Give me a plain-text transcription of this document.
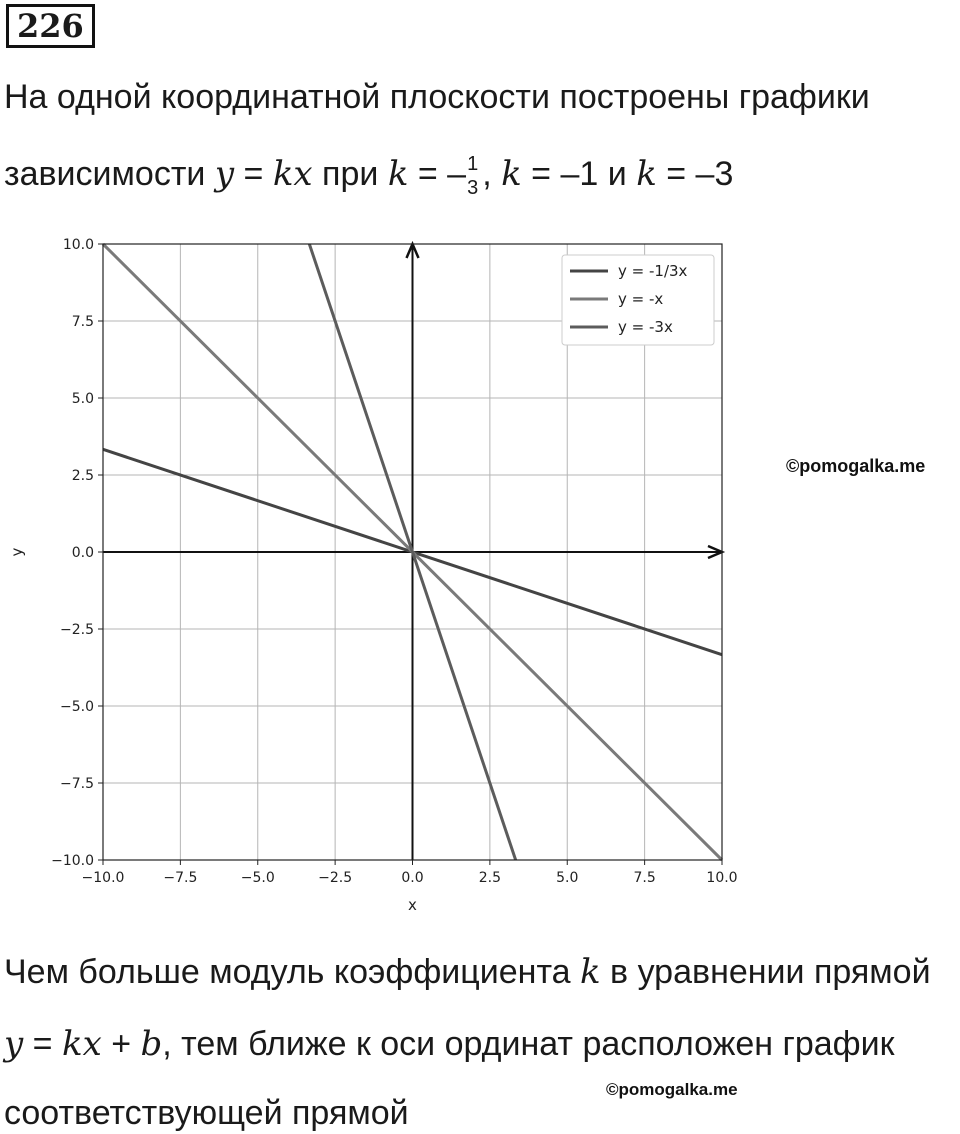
226
На одной координатной плоскости построены графики
зависимости y = kx при k = – 1
3 , k = –1 и k = –3
−10.0	−7.5	−5.0	−2.5	0.0	2.5	5.0	7.5	10.0
−10.0
−7.5
−5.0
−2.5
0.0
2.5
5.0
7.5
10.0
x
y
y = -1/3x
y = -x
y = -3x
©pomogalka.me
Чем больше модуль коэффициента k в уравнении прямой
y = kx + b, тем ближе к оси ординат расположен график
©pomogalka.me
соответствующей прямой
